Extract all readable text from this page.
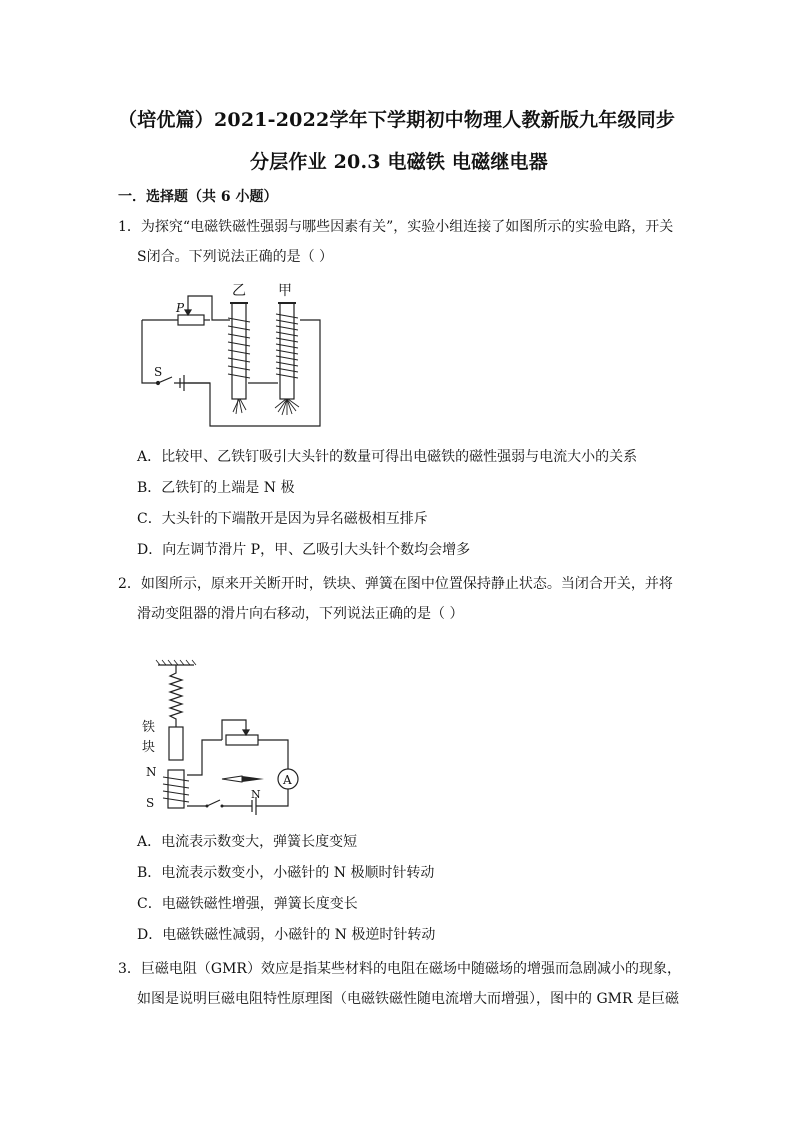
（培优篇）2021-2022学年下学期初中物理人教新版九年级同步
分层作业 20.3 电磁铁 电磁继电器
一．选择题（共 6 小题）
1．为探究“电磁铁磁性强弱与哪些因素有关”，实验小组连接了如图所示的实验电路，开关
S闭合。下列说法正确的是（ ）
乙 甲
P
S
A．比较甲、乙铁钉吸引大头针的数量可得出电磁铁的磁性强弱与电流大小的关系
B．乙铁钉的上端是 N 极
C．大头针的下端散开是因为异名磁极相互排斥
D．向左调节滑片 P，甲、乙吸引大头针个数均会增多
2．如图所示，原来开关断开时，铁块、弹簧在图中位置保持静止状态。当闭合开关，并将
滑动变阻器的滑片向右移动，下列说法正确的是（ ）
铁
块
N
S
N
A
A．电流表示数变大，弹簧长度变短
B．电流表示数变小，小磁针的 N 极顺时针转动
C．电磁铁磁性增强，弹簧长度变长
D．电磁铁磁性减弱，小磁针的 N 极逆时针转动
3．巨磁电阻（GMR）效应是指某些材料的电阻在磁场中随磁场的增强而急剧减小的现象，
如图是说明巨磁电阻特性原理图（电磁铁磁性随电流增大而增强），图中的 GMR 是巨磁
